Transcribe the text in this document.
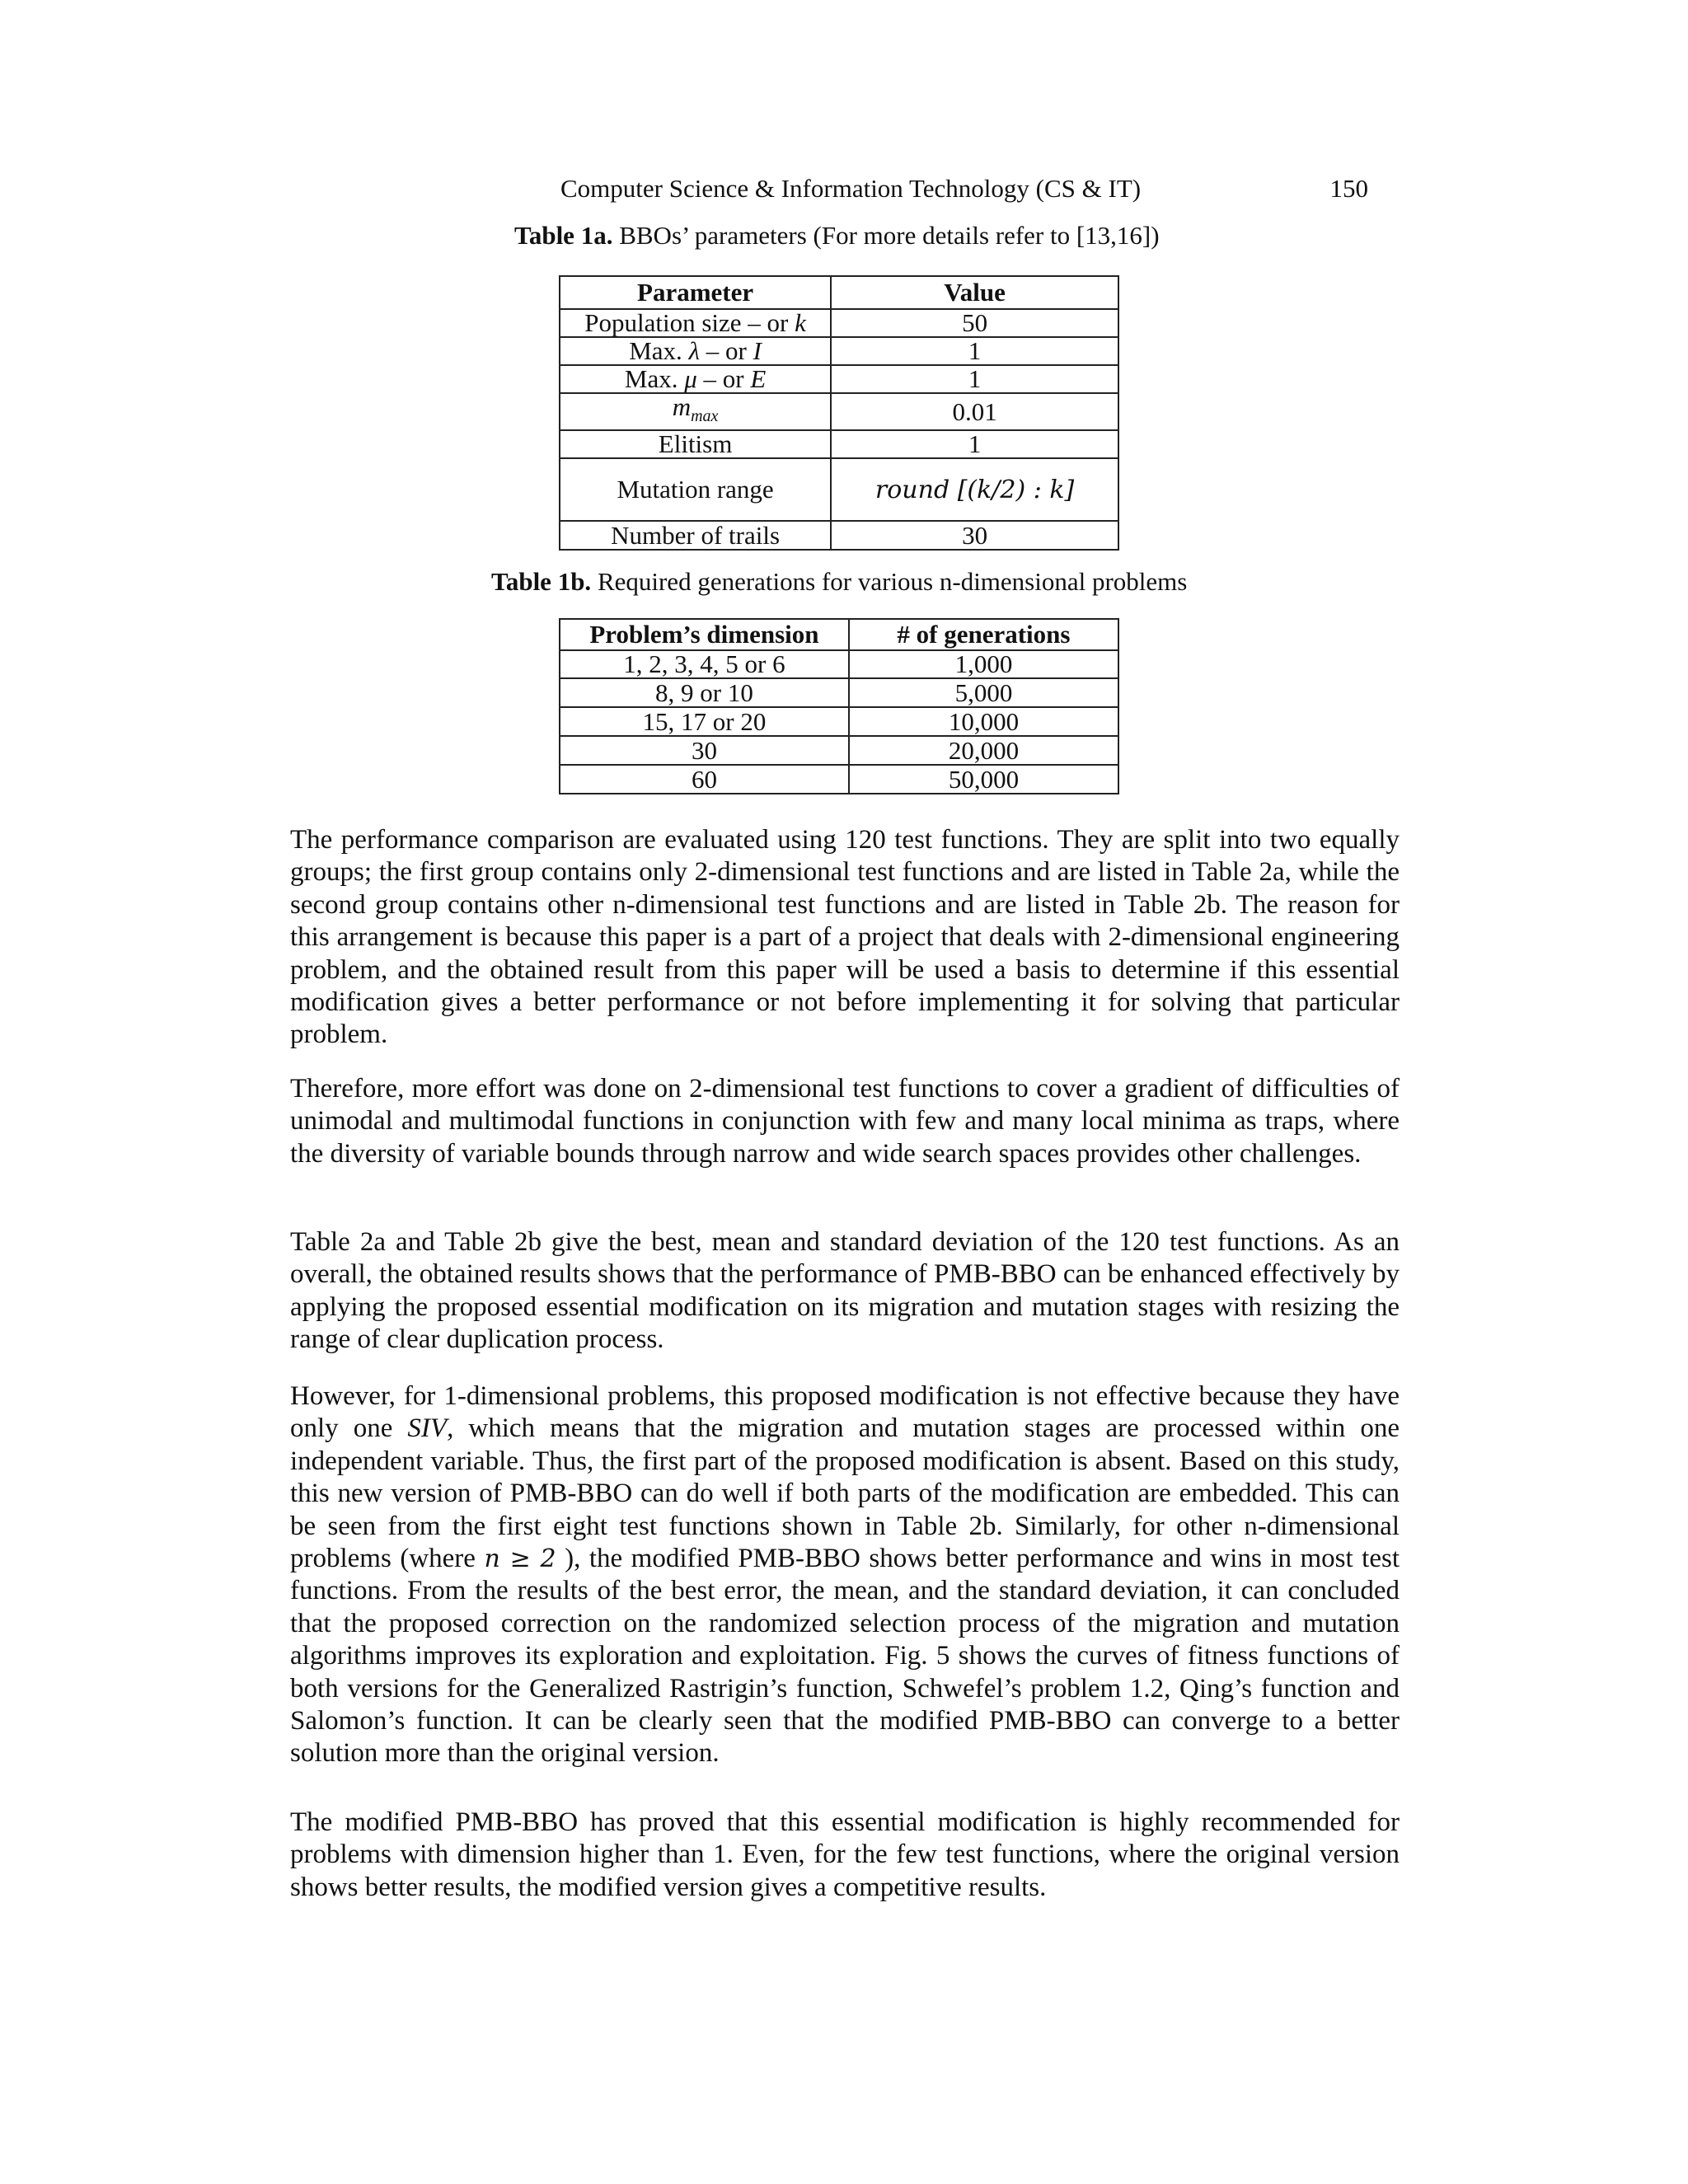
Computer Science & Information Technology (CS & IT)	150
Table 1a. BBOs’ parameters (For more details refer to [13,16])
Parameter	Value
Population size – or k	50
Max. λ – or I	1
Max. μ – or E	1
$m_{max}$	0.01
Elitism	1
Mutation range	round [(k/2) : k]
Number of trails	30
Table 1b. Required generations for various n-dimensional problems
Problem’s dimension	# of generations
1, 2, 3, 4, 5 or 6	1,000
8, 9 or 10	5,000
15, 17 or 20	10,000
30	20,000
60	50,000

The performance comparison are evaluated using 120 test functions. They are split into two equally groups; the first group contains only 2-dimensional test functions and are listed in Table 2a, while the second group contains other n-dimensional test functions and are listed in Table 2b. The reason for this arrangement is because this paper is a part of a project that deals with 2-dimensional engineering problem, and the obtained result from this paper will be used a basis to determine if this essential modification gives a better performance or not before implementing it for solving that particular problem.

Therefore, more effort was done on 2-dimensional test functions to cover a gradient of difficulties of unimodal and multimodal functions in conjunction with few and many local minima as traps, where the diversity of variable bounds through narrow and wide search spaces provides other challenges.

Table 2a and Table 2b give the best, mean and standard deviation of the 120 test functions. As an overall, the obtained results shows that the performance of PMB-BBO can be enhanced effectively by applying the proposed essential modification on its migration and mutation stages with resizing the range of clear duplication process.

However, for 1-dimensional problems, this proposed modification is not effective because they have only one SIV, which means that the migration and mutation stages are processed within one independent variable. Thus, the first part of the proposed modification is absent. Based on this study, this new version of PMB-BBO can do well if both parts of the modification are embedded. This can be seen from the first eight test functions shown in Table 2b. Similarly, for other n-dimensional problems (where n ≥ 2 ), the modified PMB-BBO shows better performance and wins in most test functions. From the results of the best error, the mean, and the standard deviation, it can concluded that the proposed correction on the randomized selection process of the migration and mutation algorithms improves its exploration and exploitation. Fig. 5 shows the curves of fitness functions of both versions for the Generalized Rastrigin’s function, Schwefel’s problem 1.2, Qing’s function and Salomon’s function. It can be clearly seen that the modified PMB-BBO can converge to a better solution more than the original version.

The modified PMB-BBO has proved that this essential modification is highly recommended for problems with dimension higher than 1. Even, for the few test functions, where the original version shows better results, the modified version gives a competitive results.
